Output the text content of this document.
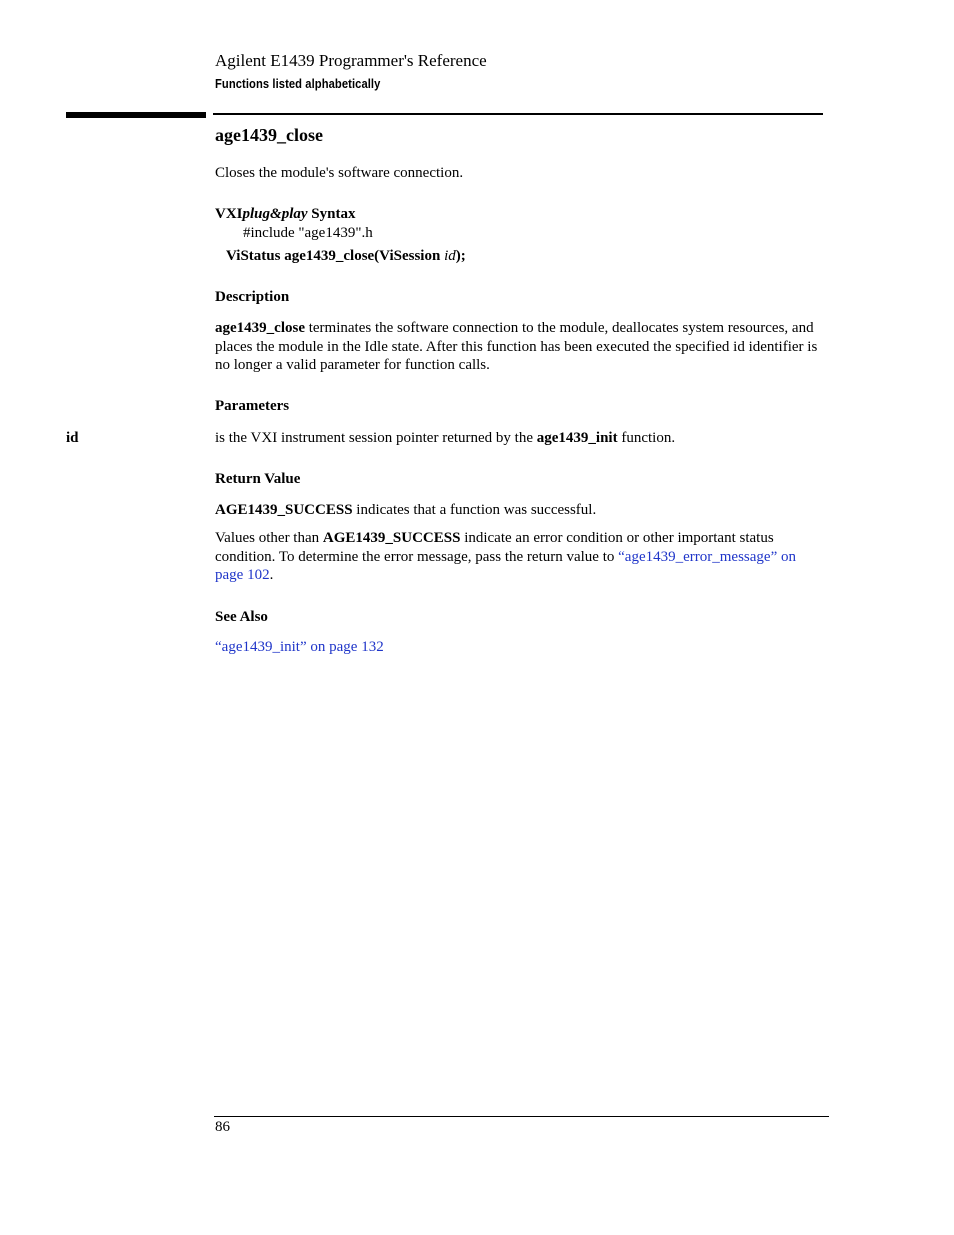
Agilent E1439 Programmer's Reference
Functions listed alphabetically
age1439_close
Closes the module's software connection.
VXIplug&play Syntax
#include "age1439".h
ViStatus age1439_close(ViSession id);
Description
age1439_close terminates the software connection to the module, deallocates system resources, and places the module in the Idle state. After this function has been executed the specified id identifier is no longer a valid parameter for function calls.
Parameters
id	is the VXI instrument session pointer returned by the age1439_init function.
Return Value
AGE1439_SUCCESS indicates that a function was successful.
Values other than AGE1439_SUCCESS indicate an error condition or other important status condition. To determine the error message, pass the return value to “age1439_error_message” on page 102.
See Also
“age1439_init” on page 132
86
